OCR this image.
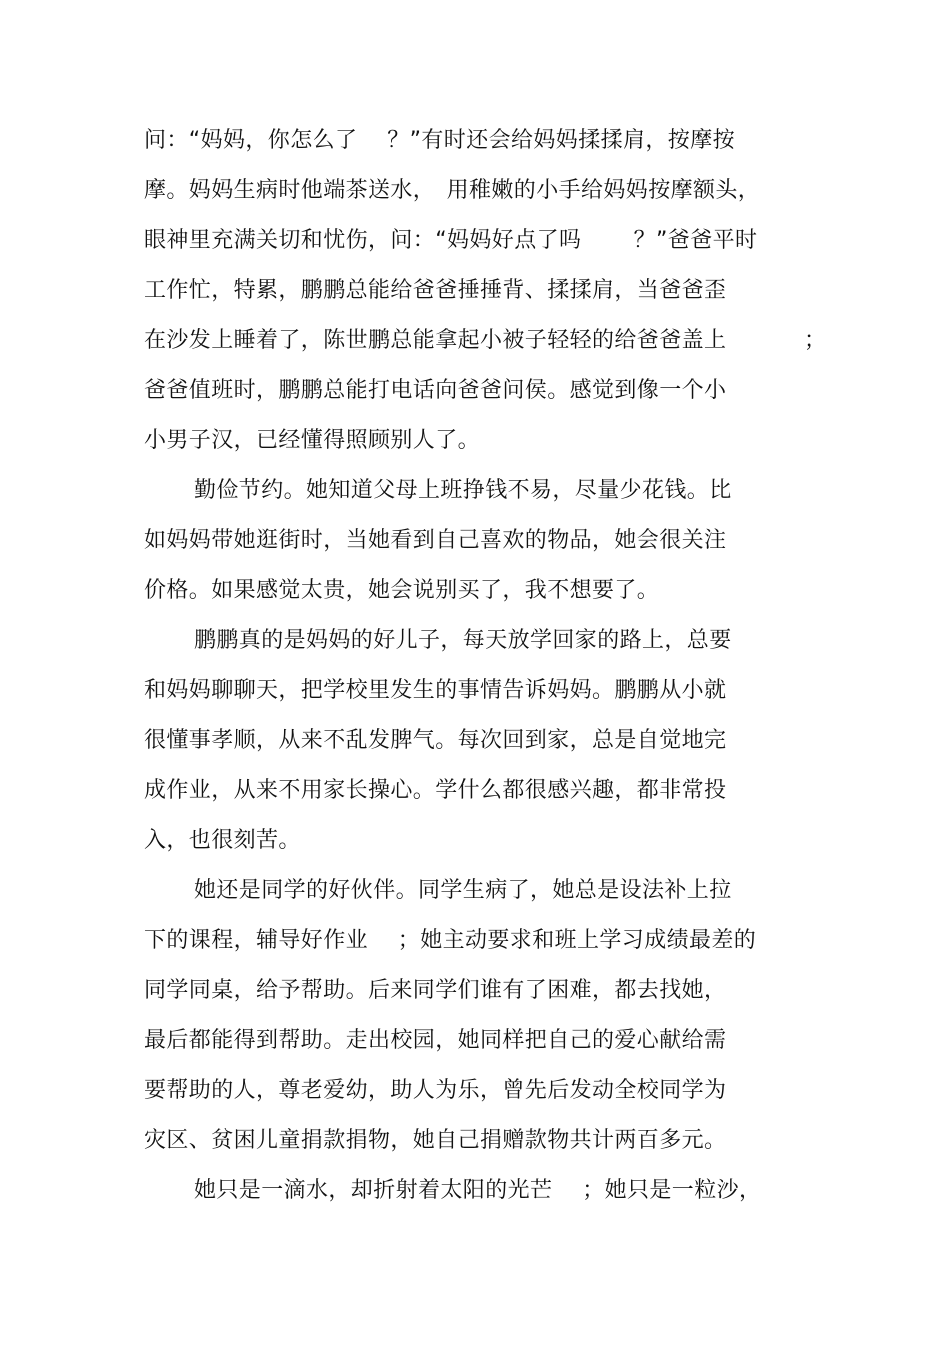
问：“妈妈，你怎么了　 ？”有时还会给妈妈揉揉肩，按摩按
摩。妈妈生病时他端茶送水，　用稚嫩的小手给妈妈按摩额头，
眼神里充满关切和忧伤，问：“妈妈好点了吗　　 ？”爸爸平时
工作忙，特累，鹏鹏总能给爸爸捶捶背、揉揉肩，当爸爸歪
在沙发上睡着了，陈世鹏总能拿起小被子轻轻的给爸爸盖上	；
爸爸值班时，鹏鹏总能打电话向爸爸问侯。感觉到像一个小
小男子汉，已经懂得照顾别人了。
勤俭节约。她知道父母上班挣钱不易，尽量少花钱。比
如妈妈带她逛街时，当她看到自己喜欢的物品，她会很关注
价格。如果感觉太贵，她会说别买了，我不想要了。
鹏鹏真的是妈妈的好儿子，每天放学回家的路上，总要
和妈妈聊聊天，把学校里发生的事情告诉妈妈。鹏鹏从小就
很懂事孝顺，从来不乱发脾气。每次回到家，总是自觉地完
成作业，从来不用家长操心。学什么都很感兴趣，都非常投
入，也很刻苦。
她还是同学的好伙伴。同学生病了，她总是设法补上拉
下的课程，辅导好作业　 ；她主动要求和班上学习成绩最差的
同学同桌，给予帮助。后来同学们谁有了困难，都去找她，
最后都能得到帮助。走出校园，她同样把自己的爱心献给需
要帮助的人，尊老爱幼，助人为乐，曾先后发动全校同学为
灾区、贫困儿童捐款捐物，她自己捐赠款物共计两百多元。
她只是一滴水，却折射着太阳的光芒　 ；她只是一粒沙，
